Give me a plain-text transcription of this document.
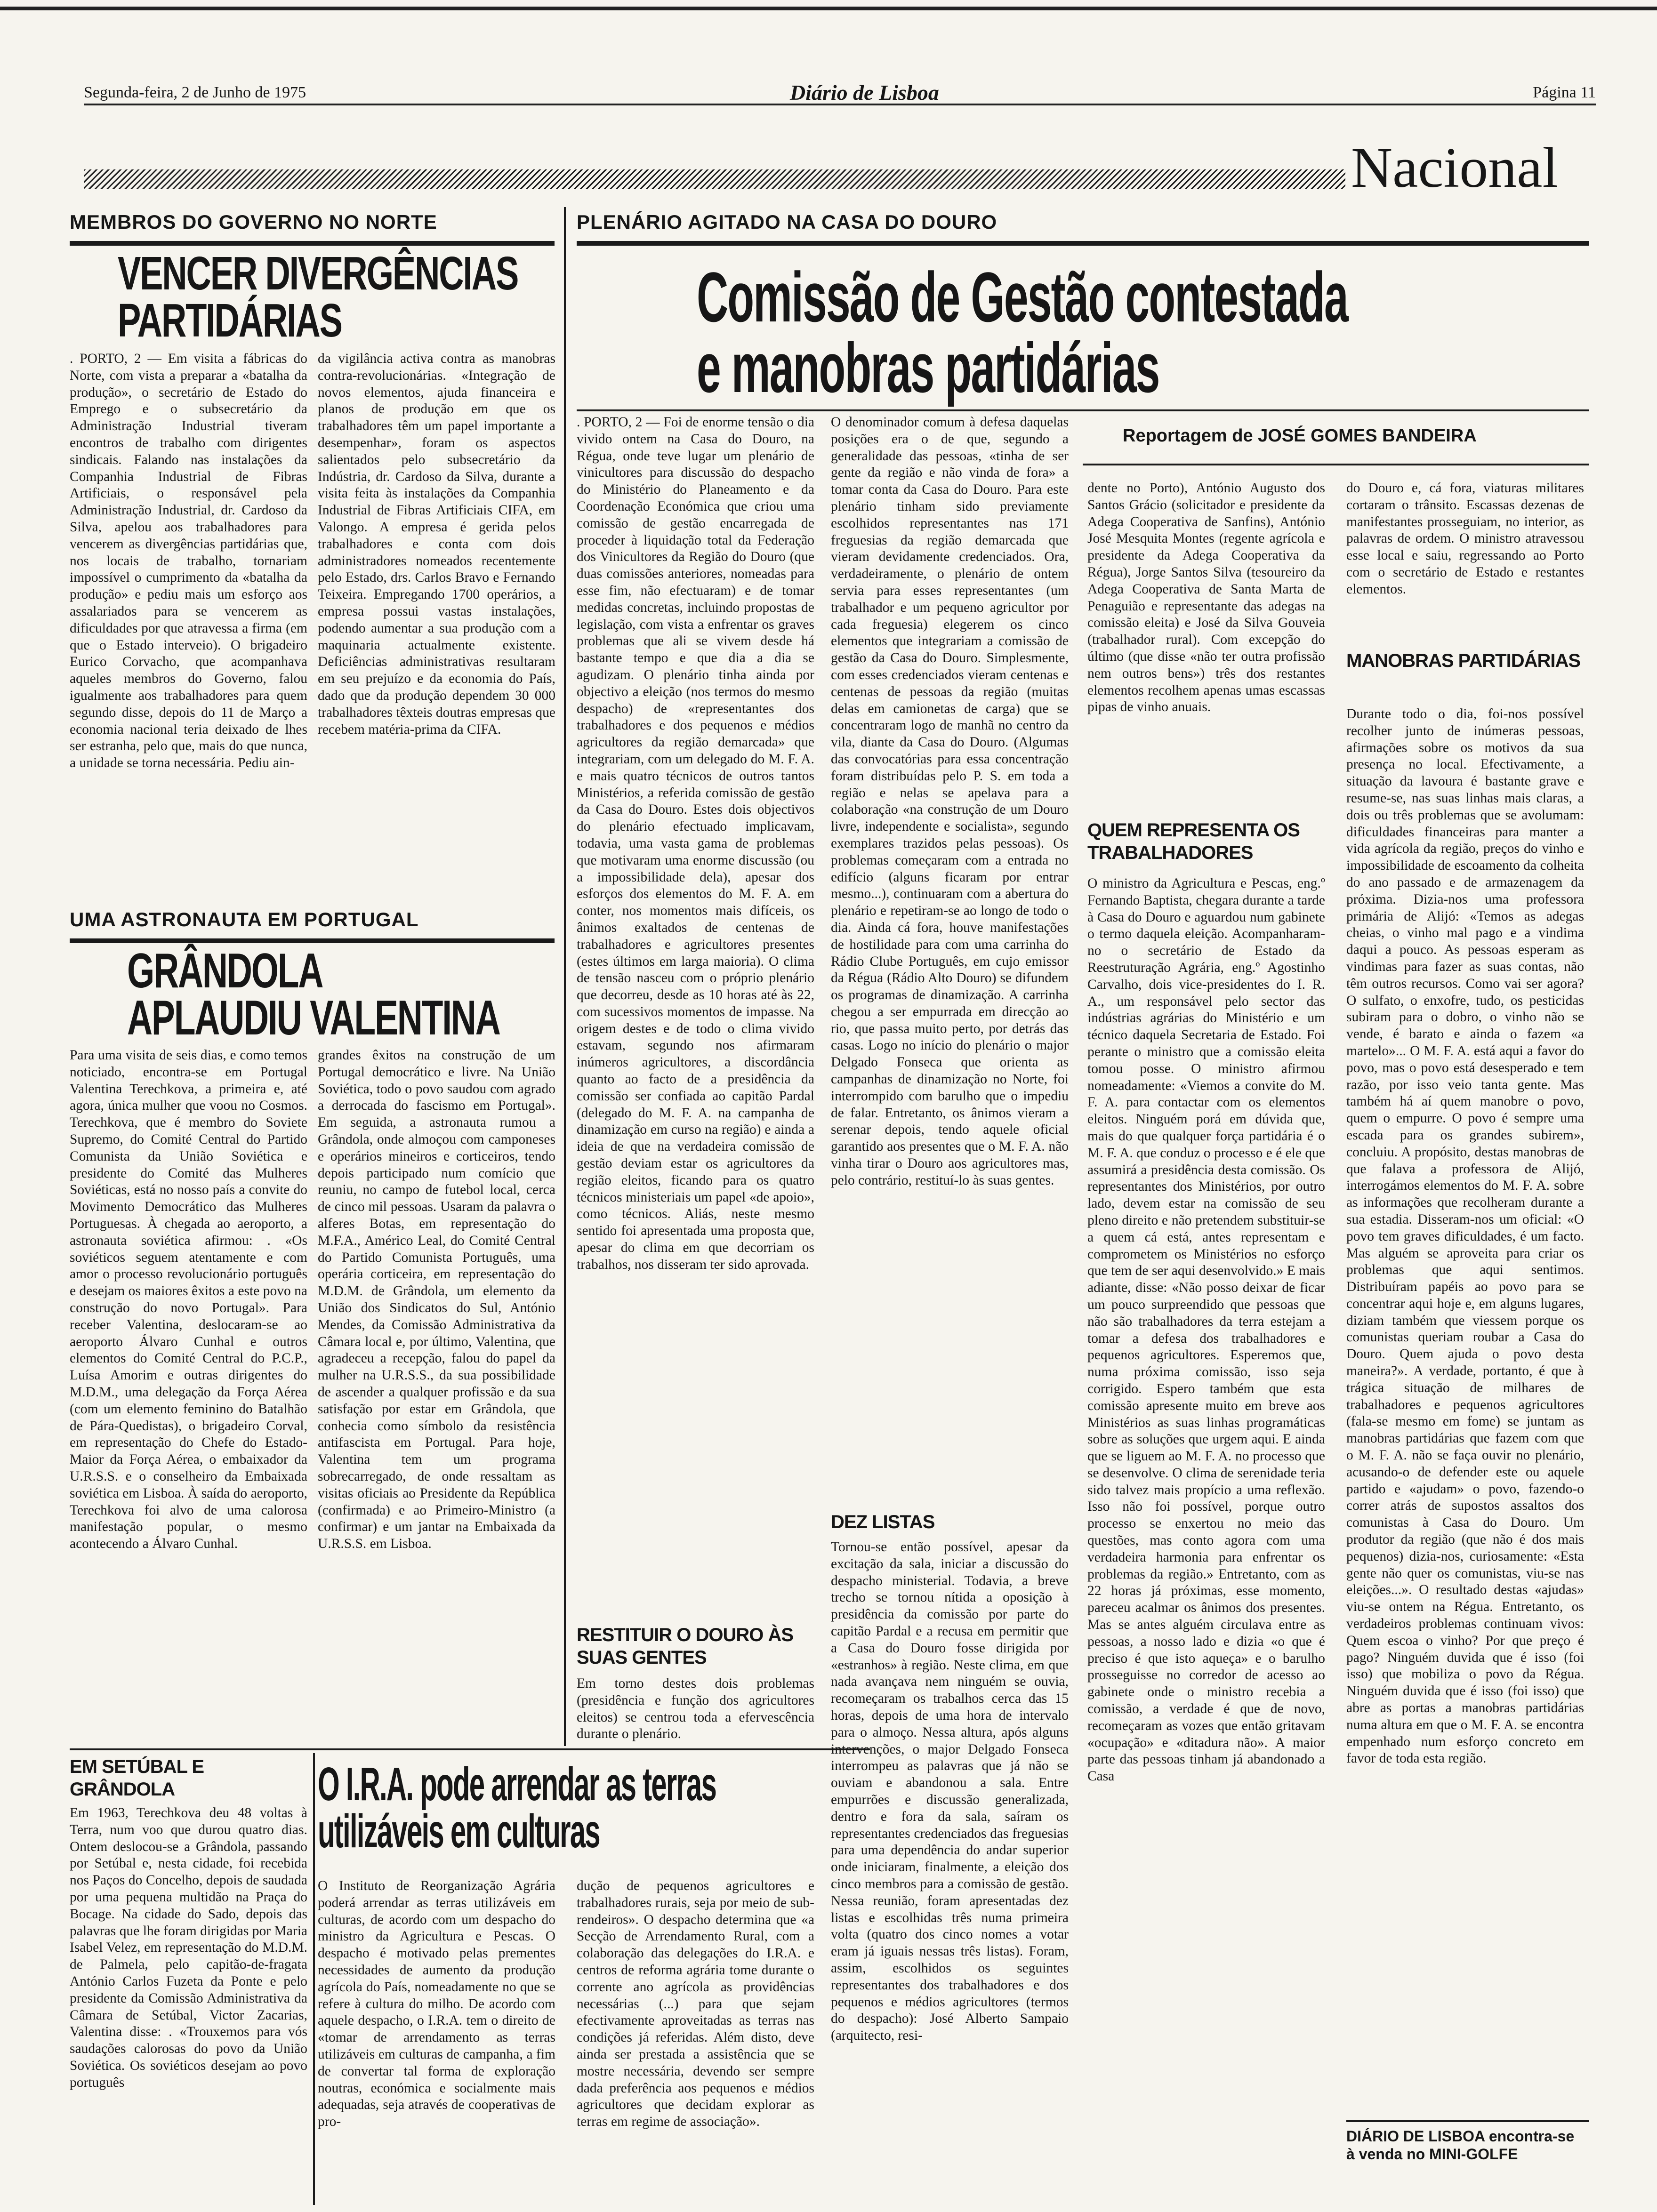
Segunda-feira, 2 de Junho de 1975	Diário de Lisboa	Página 11
Nacional
MEMBROS DO GOVERNO NO NORTE
VENCER DIVERGÊNCIAS
PARTIDÁRIAS

. PORTO, 2 — Em visita a fábricas do Norte, com vista a preparar a «batalha da produção», o secretário de Estado do Emprego e o subsecretário da Administração Industrial tiveram encontros de trabalho com dirigentes sindicais. Falando nas instalações da Companhia Industrial de Fibras Artificiais, o responsável pela Administração Industrial, dr. Cardoso da Silva, apelou aos trabalhadores para vencerem as divergências partidárias que, nos locais de trabalho, tornariam impossível o cumprimento da «batalha da produção» e pediu mais um esforço aos assalariados para se vencerem as dificuldades por que atravessa a firma (em que o Estado interveio). O brigadeiro Eurico Corvacho, que acompanhava aqueles membros do Governo, falou igualmente aos trabalhadores para quem segundo disse, depois do 11 de Março a economia nacional teria deixado de lhes ser estranha, pelo que, mais do que nunca, a unidade se torna necessária. Pediu ain-

da vigilância activa contra as manobras contra-revolucionárias. «Integração de novos elementos, ajuda financeira e planos de produção em que os trabalhadores têm um papel importante a desempenhar», foram os aspectos salientados pelo subsecretário da Indústria, dr. Cardoso da Silva, durante a visita feita às instalações da Companhia Industrial de Fibras Artificiais CIFA, em Valongo. A empresa é gerida pelos trabalhadores e conta com dois administradores nomeados recentemente pelo Estado, drs. Carlos Bravo e Fernando Teixeira. Empregando 1700 operários, a empresa possui vastas instalações, podendo aumentar a sua produção com a maquinaria actualmente existente. Deficiências administrativas resultaram em seu prejuízo e da economia do País, dado que da produção dependem 30 000 trabalhadores têxteis doutras empresas que recebem matéria-prima da CIFA.

UMA ASTRONAUTA EM PORTUGAL
GRÂNDOLA
APLAUDIU VALENTINA

Para uma visita de seis dias, e como temos noticiado, encontra-se em Portugal Valentina Terechkova, a primeira e, até agora, única mulher que voou no Cosmos. Terechkova, que é membro do Soviete Supremo, do Comité Central do Partido Comunista da União Soviética e presidente do Comité das Mulheres Soviéticas, está no nosso país a convite do Movimento Democrático das Mulheres Portuguesas. À chegada ao aeroporto, a astronauta soviética afirmou: . «Os soviéticos seguem atentamente e com amor o processo revolucionário português e desejam os maiores êxitos a este povo na construção do novo Portugal». Para receber Valentina, deslocaram-se ao aeroporto Álvaro Cunhal e outros elementos do Comité Central do P.C.P., Luísa Amorim e outras dirigentes do M.D.M., uma delegação da Força Aérea (com um elemento feminino do Batalhão de Pára-Quedistas), o brigadeiro Corval, em representação do Chefe do Estado-Maior da Força Aérea, o embaixador da U.R.S.S. e o conselheiro da Embaixada soviética em Lisboa. À saída do aeroporto, Terechkova foi alvo de uma calorosa manifestação popular, o mesmo acontecendo a Álvaro Cunhal.

grandes êxitos na construção de um Portugal democrático e livre. Na União Soviética, todo o povo saudou com agrado a derrocada do fascismo em Portugal». Em seguida, a astronauta rumou a Grândola, onde almoçou com camponeses e operários mineiros e corticeiros, tendo depois participado num comício que reuniu, no campo de futebol local, cerca de cinco mil pessoas. Usaram da palavra o alferes Botas, em representação do M.F.A., Américo Leal, do Comité Central do Partido Comunista Português, uma operária corticeira, em representação do M.D.M. de Grândola, um elemento da União dos Sindicatos do Sul, António Mendes, da Comissão Administrativa da Câmara local e, por último, Valentina, que agradeceu a recepção, falou do papel da mulher na U.R.S.S., da sua possibilidade de ascender a qualquer profissão e da sua satisfação por estar em Grândola, que conhecia como símbolo da resistência antifascista em Portugal. Para hoje, Valentina tem um programa sobrecarregado, de onde ressaltam as visitas oficiais ao Presidente da República (confirmada) e ao Primeiro-Ministro (a confirmar) e um jantar na Embaixada da U.R.S.S. em Lisboa.

EM SETÚBAL E GRÂNDOLA

Em 1963, Terechkova deu 48 voltas à Terra, num voo que durou quatro dias. Ontem deslocou-se a Grândola, passando por Setúbal e, nesta cidade, foi recebida nos Paços do Concelho, depois de saudada por uma pequena multidão na Praça do Bocage. Na cidade do Sado, depois das palavras que lhe foram dirigidas por Maria Isabel Velez, em representação do M.D.M. de Palmela, pelo capitão-de-fragata António Carlos Fuzeta da Ponte e pelo presidente da Comissão Administrativa da Câmara de Setúbal, Victor Zacarias, Valentina disse: . «Trouxemos para vós saudações calorosas do povo da União Soviética. Os soviéticos desejam ao povo português

O I.R.A. pode arrendar as terras
utilizáveis em culturas

O Instituto de Reorganização Agrária poderá arrendar as terras utilizáveis em culturas, de acordo com um despacho do ministro da Agricultura e Pescas. O despacho é motivado pelas prementes necessidades de aumento da produção agrícola do País, nomeadamente no que se refere à cultura do milho. De acordo com aquele despacho, o I.R.A. tem o direito de «tomar de arrendamento as terras utilizáveis em culturas de campanha, a fim de convertar tal forma de exploração noutras, económica e socialmente mais adequadas, seja através de cooperativas de pro-

dução de pequenos agricultores e trabalhadores rurais, seja por meio de sub-rendeiros». O despacho determina que «a Secção de Arrendamento Rural, com a colaboração das delegações do I.R.A. e centros de reforma agrária tome durante o corrente ano agrícola as providências necessárias (...) para que sejam efectivamente aproveitadas as terras nas condições já referidas. Além disto, deve ainda ser prestada a assistência que se mostre necessária, devendo ser sempre dada preferência aos pequenos e médios agricultores que decidam explorar as terras em regime de associação».

PLENÁRIO AGITADO NA CASA DO DOURO
Comissão de Gestão contestada
e manobras partidárias
Reportagem de JOSÉ GOMES BANDEIRA

. PORTO, 2 — Foi de enorme tensão o dia vivido ontem na Casa do Douro, na Régua, onde teve lugar um plenário de vinicultores para discussão do despacho do Ministério do Planeamento e da Coordenação Económica que criou uma comissão de gestão encarregada de proceder à liquidação total da Federação dos Vinicultores da Região do Douro (que duas comissões anteriores, nomeadas para esse fim, não efectuaram) e de tomar medidas concretas, incluindo propostas de legislação, com vista a enfrentar os graves problemas que ali se vivem desde há bastante tempo e que dia a dia se agudizam. O plenário tinha ainda por objectivo a eleição (nos termos do mesmo despacho) de «representantes dos trabalhadores e dos pequenos e médios agricultores da região demarcada» que integrariam, com um delegado do M. F. A. e mais quatro técnicos de outros tantos Ministérios, a referida comissão de gestão da Casa do Douro. Estes dois objectivos do plenário efectuado implicavam, todavia, uma vasta gama de problemas que motivaram uma enorme discussão (ou a impossibilidade dela), apesar dos esforços dos elementos do M. F. A. em conter, nos momentos mais difíceis, os ânimos exaltados de centenas de trabalhadores e agricultores presentes (estes últimos em larga maioria). O clima de tensão nasceu com o próprio plenário que decorreu, desde as 10 horas até às 22, com sucessivos momentos de impasse. Na origem destes e de todo o clima vivido estavam, segundo nos afirmaram inúmeros agricultores, a discordância quanto ao facto de a presidência da comissão ser confiada ao capitão Pardal (delegado do M. F. A. na campanha de dinamização em curso na região) e ainda a ideia de que na verdadeira comissão de gestão deviam estar os agricultores da região eleitos, ficando para os quatro técnicos ministeriais um papel «de apoio», como técnicos. Aliás, neste mesmo sentido foi apresentada uma proposta que, apesar do clima em que decorriam os trabalhos, nos disseram ter sido aprovada.

RESTITUIR O DOURO ÀS SUAS GENTES

Em torno destes dois problemas (presidência e função dos agricultores eleitos) se centrou toda a efervescência durante o plenário.

O denominador comum à defesa daquelas posições era o de que, segundo a generalidade das pessoas, «tinha de ser gente da região e não vinda de fora» a tomar conta da Casa do Douro. Para este plenário tinham sido previamente escolhidos representantes nas 171 freguesias da região demarcada que vieram devidamente credenciados. Ora, verdadeiramente, o plenário de ontem servia para esses representantes (um trabalhador e um pequeno agricultor por cada freguesia) elegerem os cinco elementos que integrariam a comissão de gestão da Casa do Douro. Simplesmente, com esses credenciados vieram centenas e centenas de pessoas da região (muitas delas em camionetas de carga) que se concentraram logo de manhã no centro da vila, diante da Casa do Douro. (Algumas das convocatórias para essa concentração foram distribuídas pelo P. S. em toda a região e nelas se apelava para a colaboração «na construção de um Douro livre, independente e socialista», segundo exemplares trazidos pelas pessoas). Os problemas começaram com a entrada no edifício (alguns ficaram por entrar mesmo...), continuaram com a abertura do plenário e repetiram-se ao longo de todo o dia. Ainda cá fora, houve manifestações de hostilidade para com uma carrinha do Rádio Clube Português, em cujo emissor da Régua (Rádio Alto Douro) se difundem os programas de dinamização. A carrinha chegou a ser empurrada em direcção ao rio, que passa muito perto, por detrás das casas. Logo no início do plenário o major Delgado Fonseca que orienta as campanhas de dinamização no Norte, foi interrompido com barulho que o impediu de falar. Entretanto, os ânimos vieram a serenar depois, tendo aquele oficial garantido aos presentes que o M. F. A. não vinha tirar o Douro aos agricultores mas, pelo contrário, restituí-lo às suas gentes.

DEZ LISTAS

Tornou-se então possível, apesar da excitação da sala, iniciar a discussão do despacho ministerial. Todavia, a breve trecho se tornou nítida a oposição à presidência da comissão por parte do capitão Pardal e a recusa em permitir que a Casa do Douro fosse dirigida por «estranhos» à região. Neste clima, em que nada avançava nem ninguém se ouvia, recomeçaram os trabalhos cerca das 15 horas, depois de uma hora de intervalo para o almoço. Nessa altura, após alguns intervenções, o major Delgado Fonseca interrompeu as palavras que já não se ouviam e abandonou a sala. Entre empurrões e discussão generalizada, dentro e fora da sala, saíram os representantes credenciados das freguesias para uma dependência do andar superior onde iniciaram, finalmente, a eleição dos cinco membros para a comissão de gestão. Nessa reunião, foram apresentadas dez listas e escolhidas três numa primeira volta (quatro dos cinco nomes a votar eram já iguais nessas três listas). Foram, assim, escolhidos os seguintes representantes dos trabalhadores e dos pequenos e médios agricultores (termos do despacho): José Alberto Sampaio (arquitecto, resi-

dente no Porto), António Augusto dos Santos Grácio (solicitador e presidente da Adega Cooperativa de Sanfins), António José Mesquita Montes (regente agrícola e presidente da Adega Cooperativa da Régua), Jorge Santos Silva (tesoureiro da Adega Cooperativa de Santa Marta de Penaguião e representante das adegas na comissão eleita) e José da Silva Gouveia (trabalhador rural). Com excepção do último (que disse «não ter outra profissão nem outros bens») três dos restantes elementos recolhem apenas umas escassas pipas de vinho anuais.

QUEM REPRESENTA OS TRABALHADORES

O ministro da Agricultura e Pescas, eng.º Fernando Baptista, chegara durante a tarde à Casa do Douro e aguardou num gabinete o termo daquela eleição. Acompanharam-no o secretário de Estado da Reestruturação Agrária, eng.º Agostinho Carvalho, dois vice-presidentes do I. R. A., um responsável pelo sector das indústrias agrárias do Ministério e um técnico daquela Secretaria de Estado. Foi perante o ministro que a comissão eleita tomou posse. O ministro afirmou nomeadamente: «Viemos a convite do M. F. A. para contactar com os elementos eleitos. Ninguém porá em dúvida que, mais do que qualquer força partidária é o M. F. A. que conduz o processo e é ele que assumirá a presidência desta comissão. Os representantes dos Ministérios, por outro lado, devem estar na comissão de seu pleno direito e não pretendem substituir-se a quem cá está, antes representam e comprometem os Ministérios no esforço que tem de ser aqui desenvolvido.» E mais adiante, disse: «Não posso deixar de ficar um pouco surpreendido que pessoas que não são trabalhadores da terra estejam a tomar a defesa dos trabalhadores e pequenos agricultores. Esperemos que, numa próxima comissão, isso seja corrigido. Espero também que esta comissão apresente muito em breve aos Ministérios as suas linhas programáticas sobre as soluções que urgem aqui. E ainda que se liguem ao M. F. A. no processo que se desenvolve. O clima de serenidade teria sido talvez mais propício a uma reflexão. Isso não foi possível, porque outro processo se enxertou no meio das questões, mas conto agora com uma verdadeira harmonia para enfrentar os problemas da região.» Entretanto, com as 22 horas já próximas, esse momento, pareceu acalmar os ânimos dos presentes. Mas se antes alguém circulava entre as pessoas, a nosso lado e dizia «o que é preciso é que isto aqueça» e o barulho prosseguisse no corredor de acesso ao gabinete onde o ministro recebia a comissão, a verdade é que de novo, recomeçaram as vozes que então gritavam «ocupação» e «ditadura não». A maior parte das pessoas tinham já abandonado a Casa

do Douro e, cá fora, viaturas militares cortaram o trânsito. Escassas dezenas de manifestantes prosseguiam, no interior, as palavras de ordem. O ministro atravessou esse local e saiu, regressando ao Porto com o secretário de Estado e restantes elementos.

MANOBRAS PARTIDÁRIAS

Durante todo o dia, foi-nos possível recolher junto de inúmeras pessoas, afirmações sobre os motivos da sua presença no local. Efectivamente, a situação da lavoura é bastante grave e resume-se, nas suas linhas mais claras, a dois ou três problemas que se avolumam: dificuldades financeiras para manter a vida agrícola da região, preços do vinho e impossibilidade de escoamento da colheita do ano passado e de armazenagem da próxima. Dizia-nos uma professora primária de Alijó: «Temos as adegas cheias, o vinho mal pago e a vindima daqui a pouco. As pessoas esperam as vindimas para fazer as suas contas, não têm outros recursos. Como vai ser agora? O sulfato, o enxofre, tudo, os pesticidas subiram para o dobro, o vinho não se vende, é barato e ainda o fazem «a martelo»... O M. F. A. está aqui a favor do povo, mas o povo está desesperado e tem razão, por isso veio tanta gente. Mas também há aí quem manobre o povo, quem o empurre. O povo é sempre uma escada para os grandes subirem», concluiu. A propósito, destas manobras de que falava a professora de Alijó, interrogámos elementos do M. F. A. sobre as informações que recolheram durante a sua estadia. Disseram-nos um oficial: «O povo tem graves dificuldades, é um facto. Mas alguém se aproveita para criar os problemas que aqui sentimos. Distribuíram papéis ao povo para se concentrar aqui hoje e, em alguns lugares, diziam também que viessem porque os comunistas queriam roubar a Casa do Douro. Quem ajuda o povo desta maneira?». A verdade, portanto, é que à trágica situação de milhares de trabalhadores e pequenos agricultores (fala-se mesmo em fome) se juntam as manobras partidárias que fazem com que o M. F. A. não se faça ouvir no plenário, acusando-o de defender este ou aquele partido e «ajudam» o povo, fazendo-o correr atrás de supostos assaltos dos comunistas à Casa do Douro. Um produtor da região (que não é dos mais pequenos) dizia-nos, curiosamente: «Esta gente não quer os comunistas, viu-se nas eleições...». O resultado destas «ajudas» viu-se ontem na Régua. Entretanto, os verdadeiros problemas continuam vivos: Quem escoa o vinho? Por que preço é pago? Ninguém duvida que é isso (foi isso) que mobiliza o povo da Régua. Ninguém duvida que é isso (foi isso) que abre as portas a manobras partidárias numa altura em que o M. F. A. se encontra empenhado num esforço concreto em favor de toda esta região.

DIÁRIO DE LISBOA encontra-se à venda no MINI-GOLFE
